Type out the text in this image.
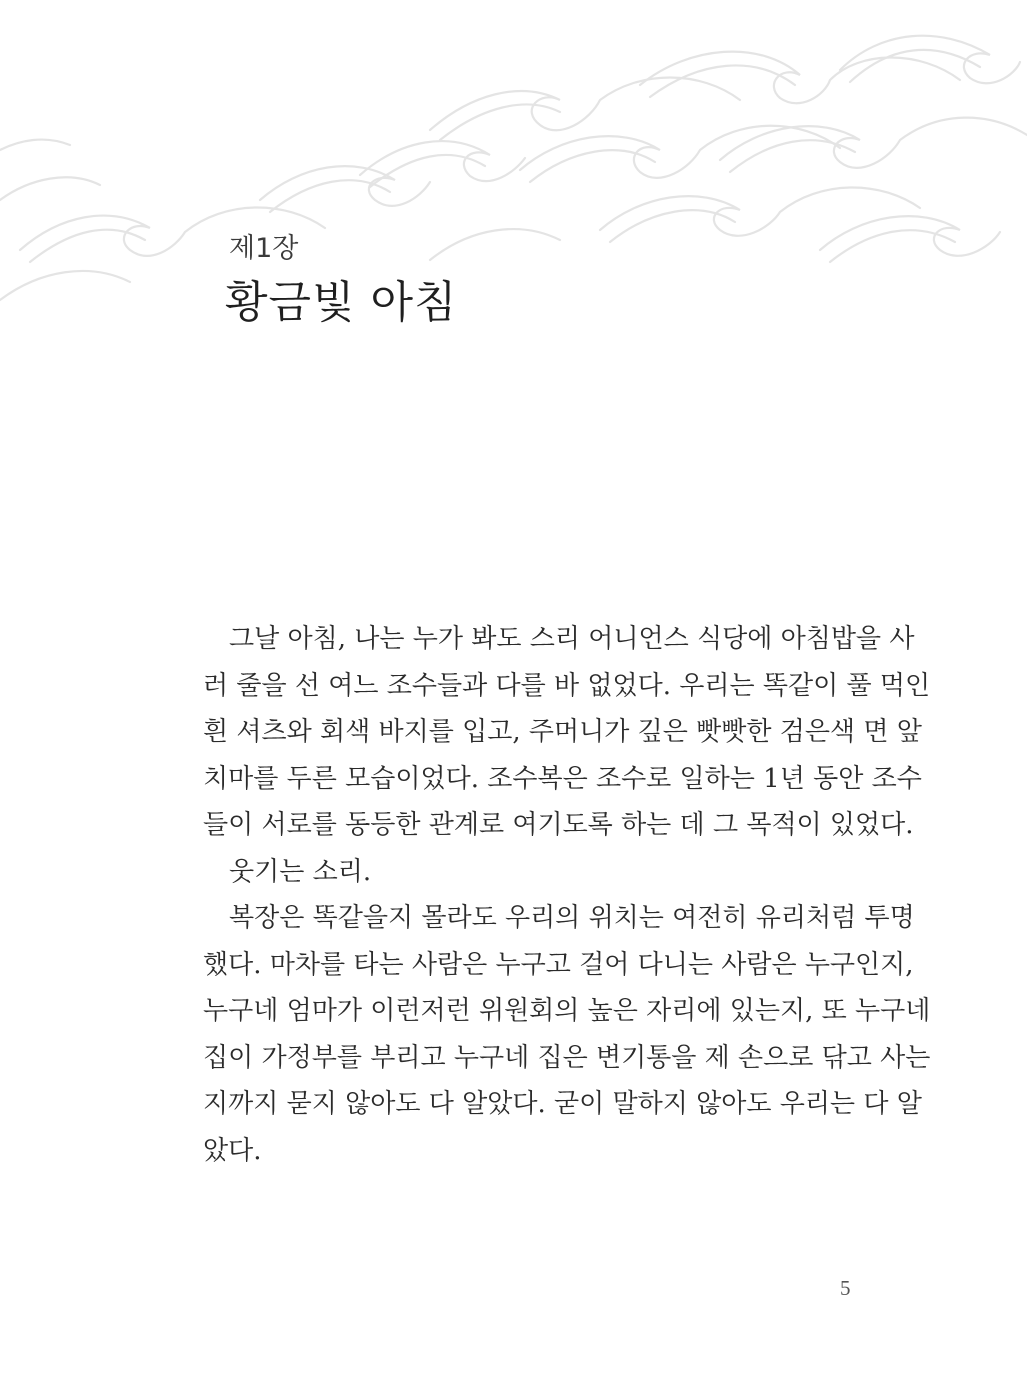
제1장
황금빛 아침
그날 아침, 나는 누가 봐도 스리 어니언스 식당에 아침밥을 사
러 줄을 선 여느 조수들과 다를 바 없었다. 우리는 똑같이 풀 먹인
흰 셔츠와 회색 바지를 입고, 주머니가 깊은 빳빳한 검은색 면 앞
치마를 두른 모습이었다. 조수복은 조수로 일하는 1년 동안 조수
들이 서로를 동등한 관계로 여기도록 하는 데 그 목적이 있었다.
웃기는 소리.
복장은 똑같을지 몰라도 우리의 위치는 여전히 유리처럼 투명
했다. 마차를 타는 사람은 누구고 걸어 다니는 사람은 누구인지,
누구네 엄마가 이런저런 위원회의 높은 자리에 있는지, 또 누구네
집이 가정부를 부리고 누구네 집은 변기통을 제 손으로 닦고 사는
지까지 묻지 않아도 다 알았다. 굳이 말하지 않아도 우리는 다 알
았다.
5
